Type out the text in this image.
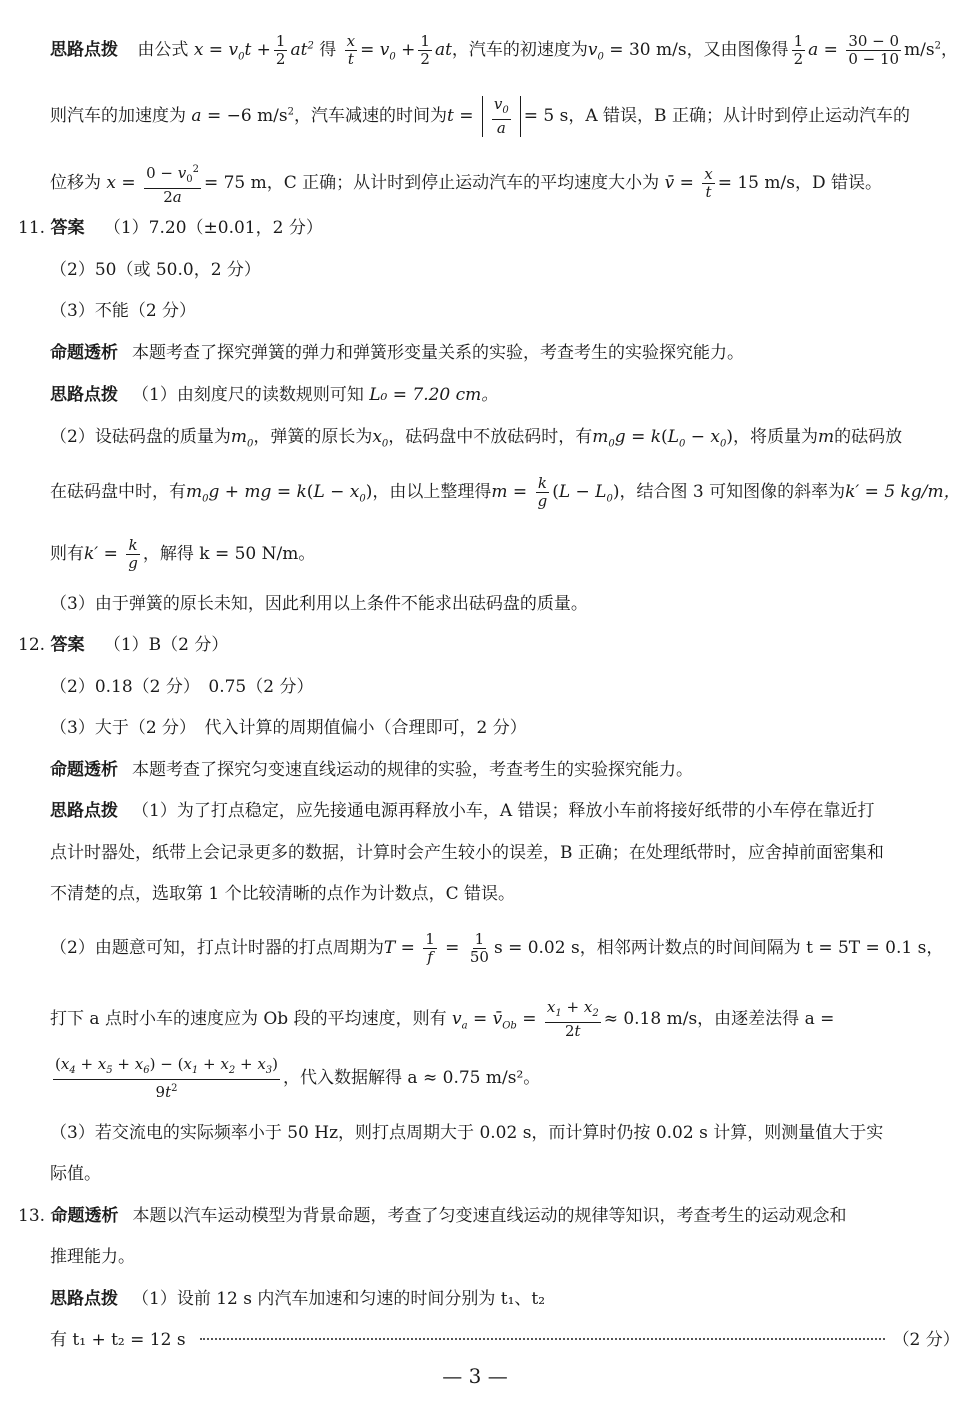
思路点拨 由公式 $x = v_0t + \frac{1}{2} at^2$ 得 $\frac{x}{t} = v_0 + \frac{1}{2}$ at，汽车的初速度为$v_0 = 30$ m/s，又由图像得 $\frac{1}{2}$ $a = \frac{30 - 0}{0 - 10} m/s^2$，
则汽车的加速度为 a = −6 $m/s^2$，汽车减速的时间为$t = \frac{v_0}{a} = 5$ s，A 错误，B 正确；从计时到停止运动汽车的
位移为 $x = \frac{0 - v_0^2}{2a} = 75$ m，C 正确；从计时到停止运动汽车的平均速度大小为 v̄ = $\frac{x}{t} = 15$ m/s，D 错误。
11. 答案 （1）7.20（±0.01，2 分）
（2）50（或 50.0，2 分）
（3）不能（2 分）
命题透析 本题考查了探究弹簧的弹力和弹簧形变量关系的实验，考查考生的实验探究能力。
思路点拨 （1）由刻度尺的读数规则可知 L₀ = 7.20 cm。
（2）设砝码盘的质量为$m_0$，弹簧的原长为$x_0$，砝码盘中不放砝码时，有$m_0g = k(L_0 - x_0)$，将质量为m的砝码放
在砝码盘中时，有$m_0g$ + mg = $k(L - x_0)$，由以上整理得$m = \frac{k}{g} (L - L_0)$，结合图 3 可知图像的斜率为k′ = 5 kg/m，
则有$k' = \frac{k}{g}$ ，解得 k = 50 N/m。
（3）由于弹簧的原长未知，因此利用以上条件不能求出砝码盘的质量。
12. 答案 （1）B（2 分）
（2）0.18（2 分）　0.75（2 分）
（3）大于（2 分）　代入计算的周期值偏小（合理即可，2 分）
命题透析 本题考查了探究匀变速直线运动的规律的实验，考查考生的实验探究能力。
思路点拨 （1）为了打点稳定，应先接通电源再释放小车，A 错误；释放小车前将接好纸带的小车停在靠近打
点计时器处，纸带上会记录更多的数据，计算时会产生较小的误差，B 正确；在处理纸带时，应舍掉前面密集和
不清楚的点，选取第 1 个比较清晰的点作为计数点，C 错误。
（2）由题意可知，打点计时器的打点周期为$T = \frac{1}{f} = \frac{1}{50}$ s = 0.02 s，相邻两计数点的时间间隔为 t = 5T = 0.1 s，
打下 a 点时小车的速度应为 Ob 段的平均速度，则有 $v_a$ = $v̄_{Ob} = \frac{x_1 + x_2}{2t} \approx 0.18$ m/s，由逐差法得 a =
$\frac{(x_4 + x_5 + x_6) - (x_1 + x_2 + x_3)}{9t^2}$ ，代入数据解得 a ≈ 0.75 m/s²。
（3）若交流电的实际频率小于 50 Hz，则打点周期大于 0.02 s，而计算时仍按 0.02 s 计算，则测量值大于实
际值。
13. 命题透析 本题以汽车运动模型为背景命题，考查了匀变速直线运动的规律等知识，考查考生的运动观念和
推理能力。
思路点拨 （1）设前 12 s 内汽车加速和匀速的时间分别为 t₁、t₂
有 t₁ + t₂ = 12 s	（2 分）
— 3 —
